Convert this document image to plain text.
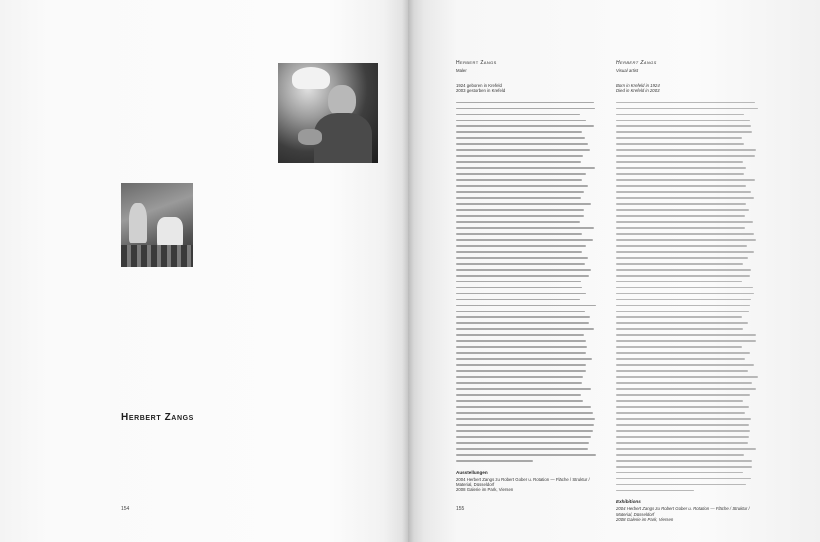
Herbert Zangs
154	155
Herbert Zangs
Maler
1924 geboren in Krefeld
2003 gestorben in Krefeld
Ausstellungen
2004 Herbert Zangs zu Robert Gober u. Rotation — Fläche / Struktur / Material, Düsseldorf
2008 Galerie im Park, Viersen
Herbert Zangs
Visual artist
Born in Krefeld in 1924
Died in Krefeld in 2003
Exhibitions
2004 Herbert Zangs zu Robert Gober u. Rotation — Fläche / Struktur / Material, Düsseldorf
2008 Galerie im Park, Viersen
